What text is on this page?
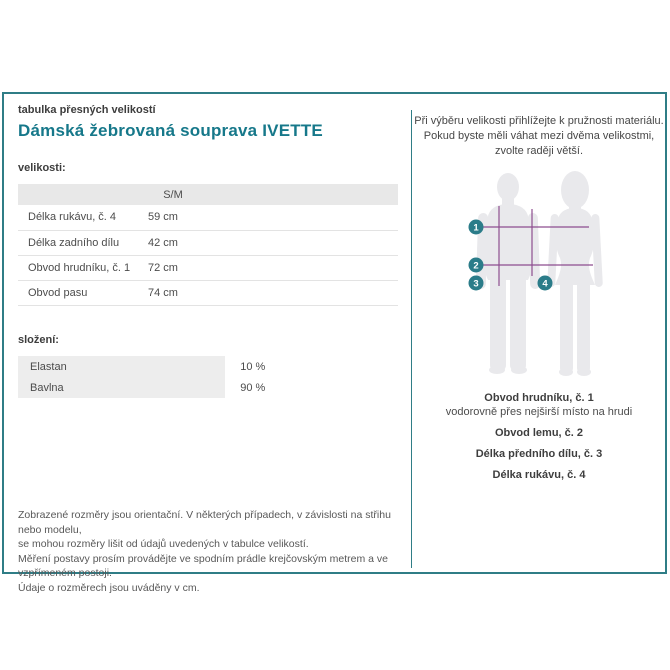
tabulka přesných velikostí
Dámská žebrovaná souprava IVETTE
velikosti:
	S/M	
Délka rukávu, č. 4	59 cm	
Délka zadního dílu	42 cm	
Obvod hrudníku, č. 1	72 cm	
Obvod pasu	74 cm	
složení:
Elastan	10 %
Bavlna	90 %
Zobrazené rozměry jsou orientační. V některých případech, v závislosti na střihu nebo modelu,
se mohou rozměry lišit od údajů uvedených v tabulce velikostí.
Měření postavy prosím provádějte ve spodním prádle krejčovským metrem a ve vzpřímeném postoji.
Údaje o rozměrech jsou uváděny v cm.
Při výběru velikosti přihlížejte k pružnosti materiálu.
Pokud byste měli váhat mezi dvěma velikostmi,
zvolte raději větší.
1
2
3	4
Obvod hrudníku, č. 1
vodorovně přes nejširší místo na hrudi
Obvod lemu, č. 2
Délka předního dílu, č. 3
Délka rukávu, č. 4
